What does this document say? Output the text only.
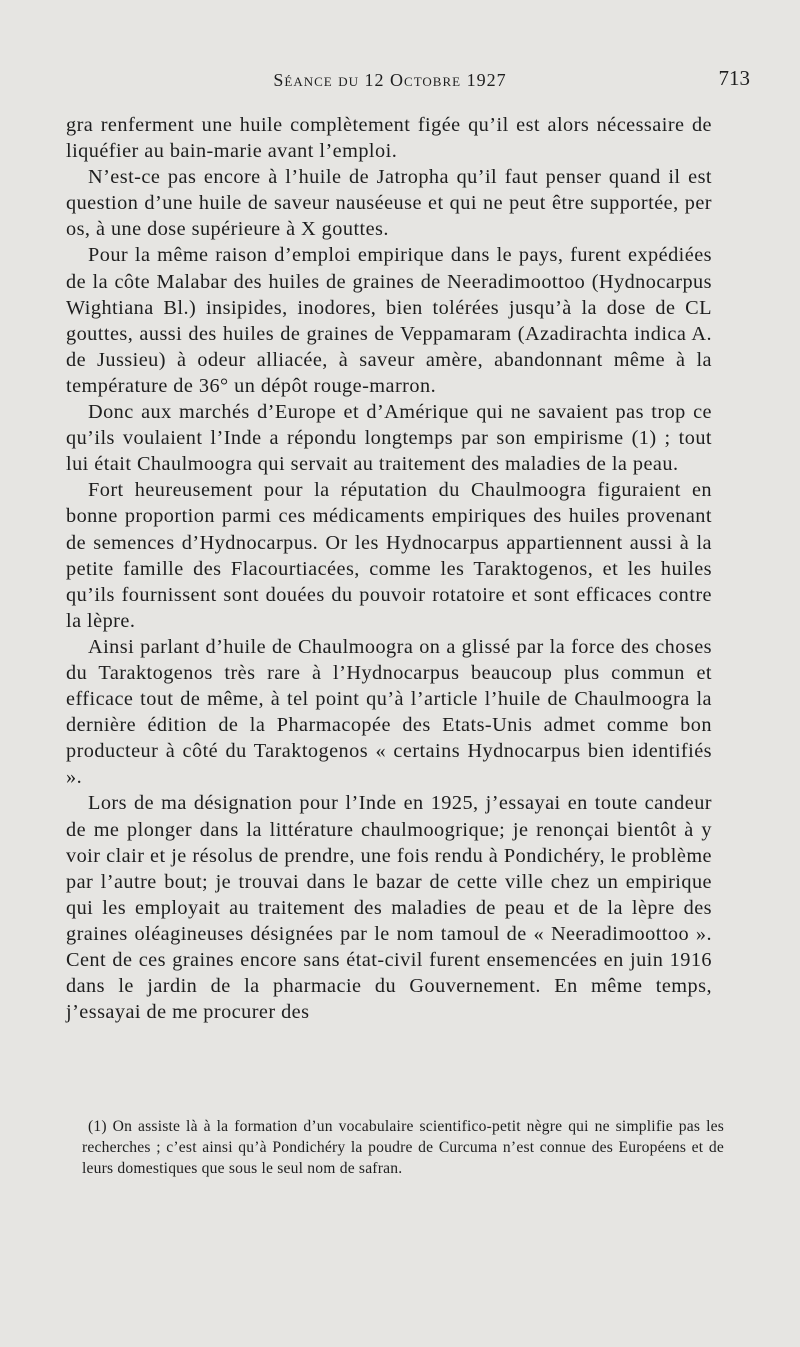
Séance du 12 Octobre 1927	713

gra renferment une huile complètement figée qu’il est alors nécessaire de liquéfier au bain-marie avant l’emploi.

N’est-ce pas encore à l’huile de Jatropha qu’il faut penser quand il est question d’une huile de saveur nauséeuse et qui ne peut être supportée, per os, à une dose supérieure à X gouttes.

Pour la même raison d’emploi empirique dans le pays, furent expédiées de la côte Malabar des huiles de graines de Neeradimoottoo (Hydnocarpus Wightiana Bl.) insipides, inodores, bien tolérées jusqu’à la dose de CL gouttes, aussi des huiles de graines de Veppamaram (Azadirachta indica A. de Jussieu) à odeur alliacée, à saveur amère, abandonnant même à la température de 36° un dépôt rouge-marron.

Donc aux marchés d’Europe et d’Amérique qui ne savaient pas trop ce qu’ils voulaient l’Inde a répondu longtemps par son empirisme (1) ; tout lui était Chaulmoogra qui servait au traitement des maladies de la peau.

Fort heureusement pour la réputation du Chaulmoogra figuraient en bonne proportion parmi ces médicaments empiriques des huiles provenant de semences d’Hydnocarpus. Or les Hydnocarpus appartiennent aussi à la petite famille des Flacourtiacées, comme les Taraktogenos, et les huiles qu’ils fournissent sont douées du pouvoir rotatoire et sont efficaces contre la lèpre.

Ainsi parlant d’huile de Chaulmoogra on a glissé par la force des choses du Taraktogenos très rare à l’Hydnocarpus beaucoup plus commun et efficace tout de même, à tel point qu’à l’article l’huile de Chaulmoogra la dernière édition de la Pharmacopée des Etats-Unis admet comme bon producteur à côté du Taraktogenos « certains Hydnocarpus bien identifiés ».

Lors de ma désignation pour l’Inde en 1925, j’essayai en toute candeur de me plonger dans la littérature chaulmoogrique; je renonçai bientôt à y voir clair et je résolus de prendre, une fois rendu à Pondichéry, le problème par l’autre bout; je trouvai dans le bazar de cette ville chez un empirique qui les employait au traitement des maladies de peau et de la lèpre des graines oléagineuses désignées par le nom tamoul de « Neeradimoottoo ». Cent de ces graines encore sans état-civil furent ensemencées en juin 1916 dans le jardin de la pharmacie du Gouvernement. En même temps, j’essayai de me procurer des

(1) On assiste là à la formation d’un vocabulaire scientifico-petit nègre qui ne simplifie pas les recherches ; c’est ainsi qu’à Pondichéry la poudre de Curcuma n’est connue des Européens et de leurs domestiques que sous le seul nom de safran.
